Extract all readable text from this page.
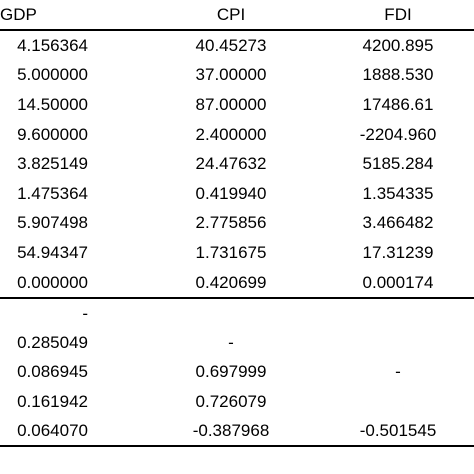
GDP	CPI	FDI
4.156364	40.45273	4200.895
5.000000	37.00000	1888.530
14.50000	87.00000	17486.61
9.600000	2.400000	-2204.960
3.825149	24.47632	5185.284
1.475364	0.419940	1.354335
5.907498	2.775856	3.466482
54.94347	1.731675	17.31239
0.000000	0.420699	0.000174
-
0.285049	-
0.086945	0.697999	-
0.161942	0.726079
0.064070	-0.387968	-0.501545
